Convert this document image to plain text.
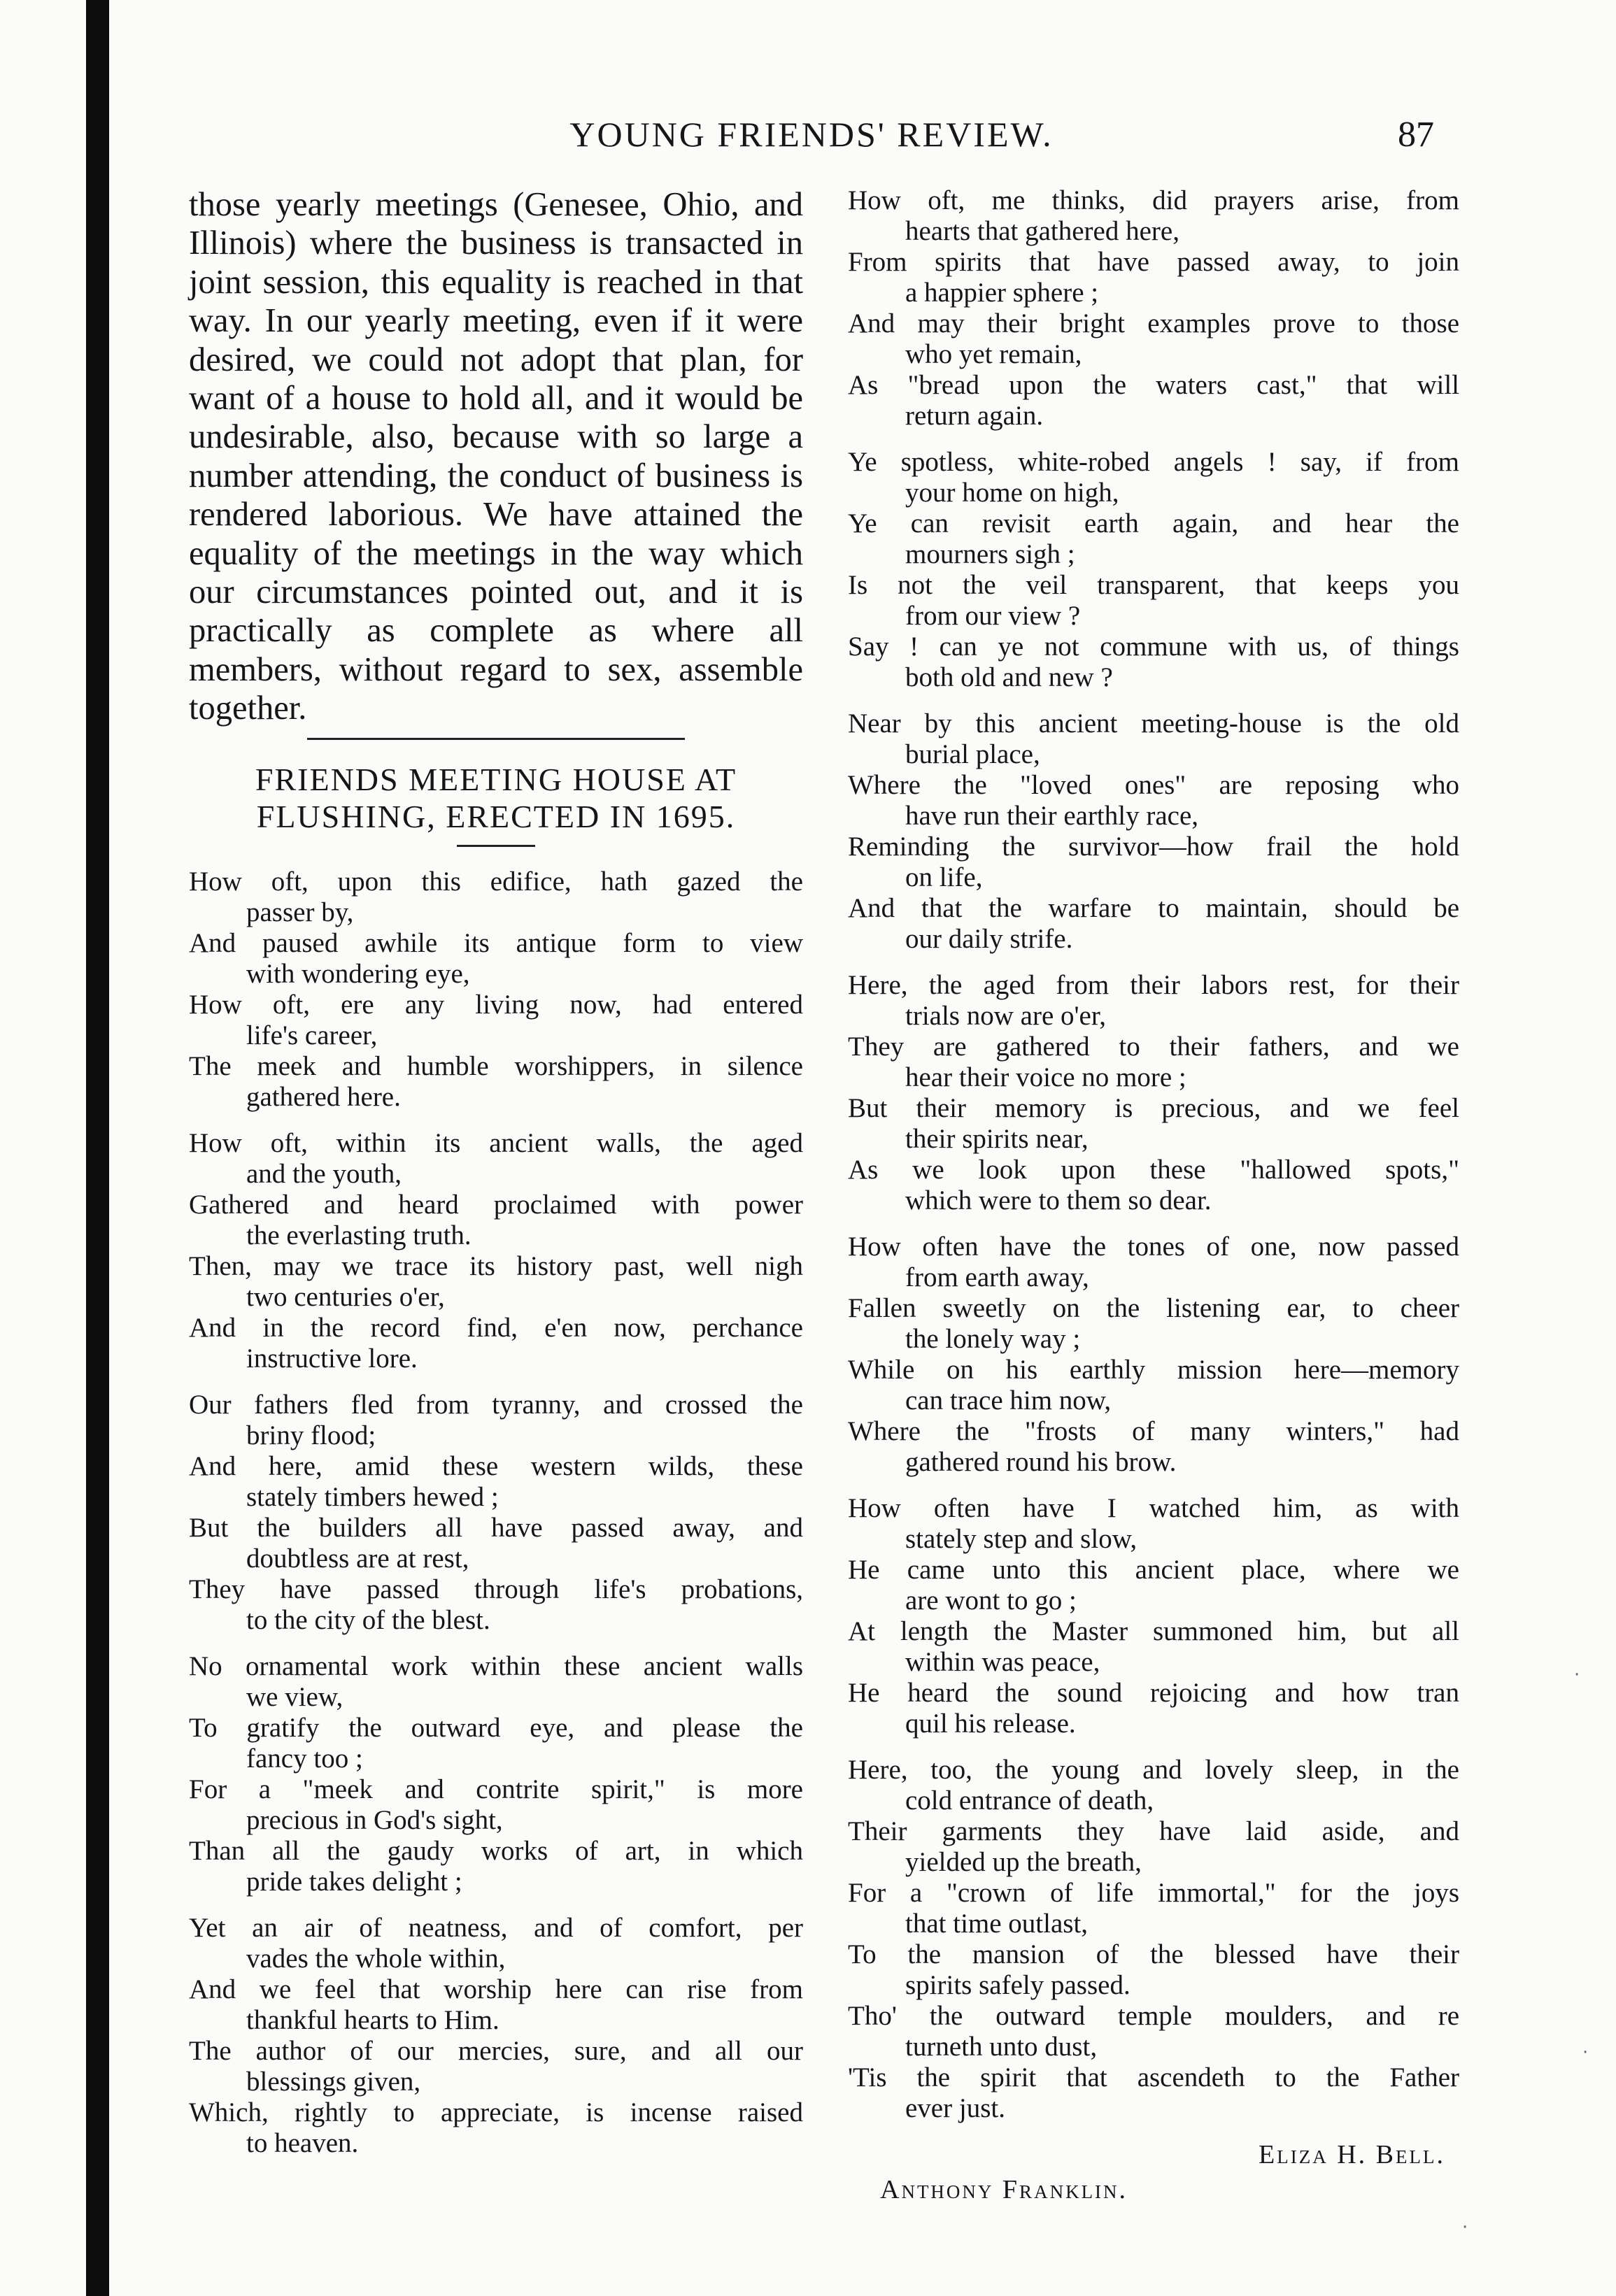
YOUNG FRIENDS' REVIEW.	87
those yearly meetings (Genesee, Ohio, and Illinois) where the business is transacted in joint session, this equality is reached in that way. In our yearly meeting, even if it were desired, we could not adopt that plan, for want of a house to hold all, and it would be undesirable, also, because with so large a number attending, the conduct of business is rendered laborious. We have attained the equality of the meetings in the way which our circumstances pointed out, and it is practically as complete as where all members, without regard to sex, assemble together.
FRIENDS MEETING HOUSE AT
FLUSHING, ERECTED IN 1695.
How oft, upon this edifice, hath gazed the
passer by,
And paused awhile its antique form to view
with wondering eye,
How oft, ere any living now, had entered
life's career,
The meek and humble worshippers, in silence
gathered here.
How oft, within its ancient walls, the aged
and the youth,
Gathered and heard proclaimed with power
the everlasting truth.
Then, may we trace its history past, well nigh
two centuries o'er,
And in the record find, e'en now, perchance
instructive lore.
Our fathers fled from tyranny, and crossed the
briny flood;
And here, amid these western wilds, these
stately timbers hewed ;
But the builders all have passed away, and
doubtless are at rest,
They have passed through life's probations,
to the city of the blest.
No ornamental work within these ancient walls
we view,
To gratify the outward eye, and please the
fancy too ;
For a "meek and contrite spirit," is more
precious in God's sight,
Than all the gaudy works of art, in which
pride takes delight ;
Yet an air of neatness, and of comfort, per
vades the whole within,
And we feel that worship here can rise from
thankful hearts to Him.
The author of our mercies, sure, and all our
blessings given,
Which, rightly to appreciate, is incense raised
to heaven.
How oft, me thinks, did prayers arise, from
hearts that gathered here,
From spirits that have passed away, to join
a happier sphere ;
And may their bright examples prove to those
who yet remain,
As "bread upon the waters cast," that will
return again.
Ye spotless, white-robed angels ! say, if from
your home on high,
Ye can revisit earth again, and hear the
mourners sigh ;
Is not the veil transparent, that keeps you
from our view ?
Say ! can ye not commune with us, of things
both old and new ?
Near by this ancient meeting-house is the old
burial place,
Where the "loved ones" are reposing who
have run their earthly race,
Reminding the survivor—how frail the hold
on life,
And that the warfare to maintain, should be
our daily strife.
Here, the aged from their labors rest, for their
trials now are o'er,
They are gathered to their fathers, and we
hear their voice no more ;
But their memory is precious, and we feel
their spirits near,
As we look upon these "hallowed spots,"
which were to them so dear.
How often have the tones of one, now passed
from earth away,
Fallen sweetly on the listening ear, to cheer
the lonely way ;
While on his earthly mission here—memory
can trace him now,
Where the "frosts of many winters," had
gathered round his brow.
How often have I watched him, as with
stately step and slow,
He came unto this ancient place, where we
are wont to go ;
At length the Master summoned him, but all
within was peace,
He heard the sound rejoicing and how tran
quil his release.
Here, too, the young and lovely sleep, in the
cold entrance of death,
Their garments they have laid aside, and
yielded up the breath,
For a "crown of life immortal," for the joys
that time outlast,
To the mansion of the blessed have their
spirits safely passed.
Tho' the outward temple moulders, and re
turneth unto dust,
'Tis the spirit that ascendeth to the Father
ever just.
Eliza H. Bell.
Anthony Franklin.
·
·
·
